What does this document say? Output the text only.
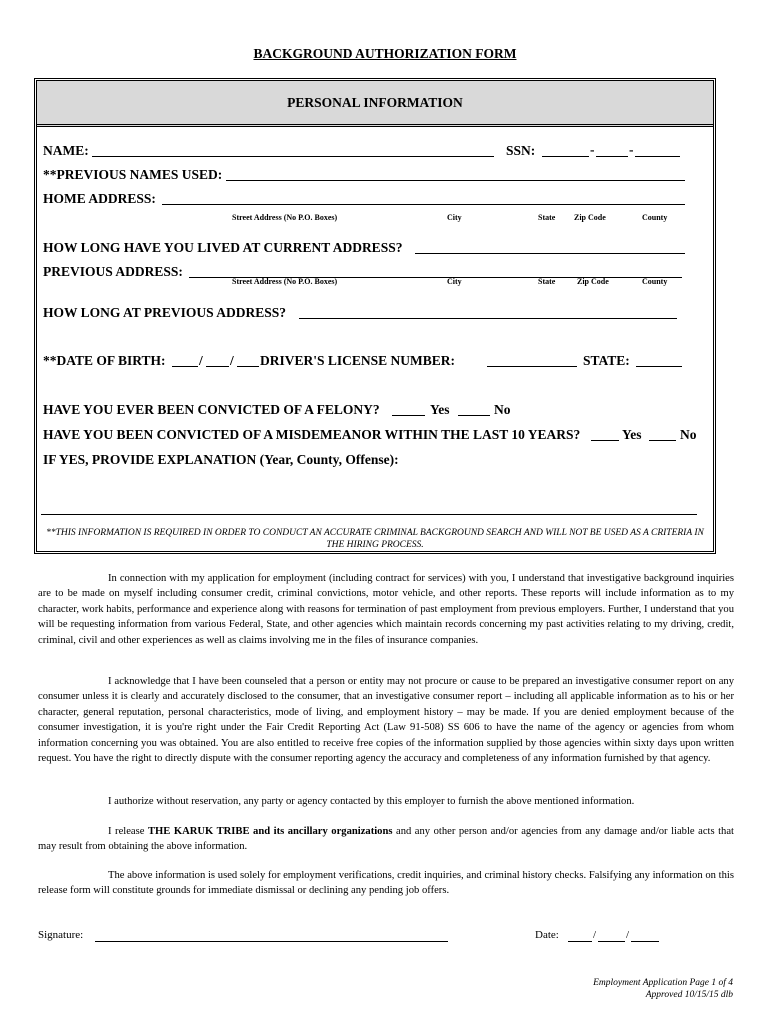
BACKGROUND AUTHORIZATION FORM
PERSONAL INFORMATION
NAME:	SSN:	-	-
**PREVIOUS NAMES USED:
HOME ADDRESS:
Street Address (No P.O. Boxes)	City	State Zip Code	County
HOW LONG HAVE YOU LIVED AT CURRENT ADDRESS?
PREVIOUS ADDRESS:
Street Address (No P.O. Boxes)	City	State	Zip Code	County
HOW LONG AT PREVIOUS ADDRESS?
**DATE OF BIRTH: / / DRIVER'S LICENSE NUMBER:	STATE:
HAVE YOU EVER BEEN CONVICTED OF A FELONY?	Yes	No
HAVE YOU BEEN CONVICTED OF A MISDEMEANOR WITHIN THE LAST 10 YEARS?	Yes	No
IF YES, PROVIDE EXPLANATION (Year, County, Offense):
**THIS INFORMATION IS REQUIRED IN ORDER TO CONDUCT AN ACCURATE CRIMINAL BACKGROUND SEARCH AND WILL NOT BE USED AS A CRITERIA IN THE HIRING PROCESS.
In connection with my application for employment (including contract for services) with you, I understand that investigative background inquiries are to be made on myself including consumer credit, criminal convictions, motor vehicle, and other reports. These reports will include information as to my character, work habits, performance and experience along with reasons for termination of past employment from previous employers. Further, I understand that you will be requesting information from various Federal, State, and other agencies which maintain records concerning my past activities relating to my driving, credit, criminal, civil and other experiences as well as claims involving me in the files of insurance companies.
I acknowledge that I have been counseled that a person or entity may not procure or cause to be prepared an investigative consumer report on any consumer unless it is clearly and accurately disclosed to the consumer, that an investigative consumer report – including all applicable information as to his or her character, general reputation, personal characteristics, mode of living, and employment history – may be made. If you are denied employment because of the consumer investigation, it is you're right under the Fair Credit Reporting Act (Law 91-508) SS 606 to have the name of the agency or agencies from whom information concerning you was obtained. You are also entitled to receive free copies of the information supplied by those agencies within sixty days upon written request. You have the right to directly dispute with the consumer reporting agency the accuracy and completeness of any information furnished by that agency.
I authorize without reservation, any party or agency contacted by this employer to furnish the above mentioned information.
I release THE KARUK TRIBE and its ancillary organizations and any other person and/or agencies from any damage and/or liable acts that may result from obtaining the above information.
The above information is used solely for employment verifications, credit inquiries, and criminal history checks. Falsifying any information on this release form will constitute grounds for immediate dismissal or declining any pending job offers.
Signature:	Date:	/	/
Employment Application Page 1 of 4
Approved 10/15/15 dlb
